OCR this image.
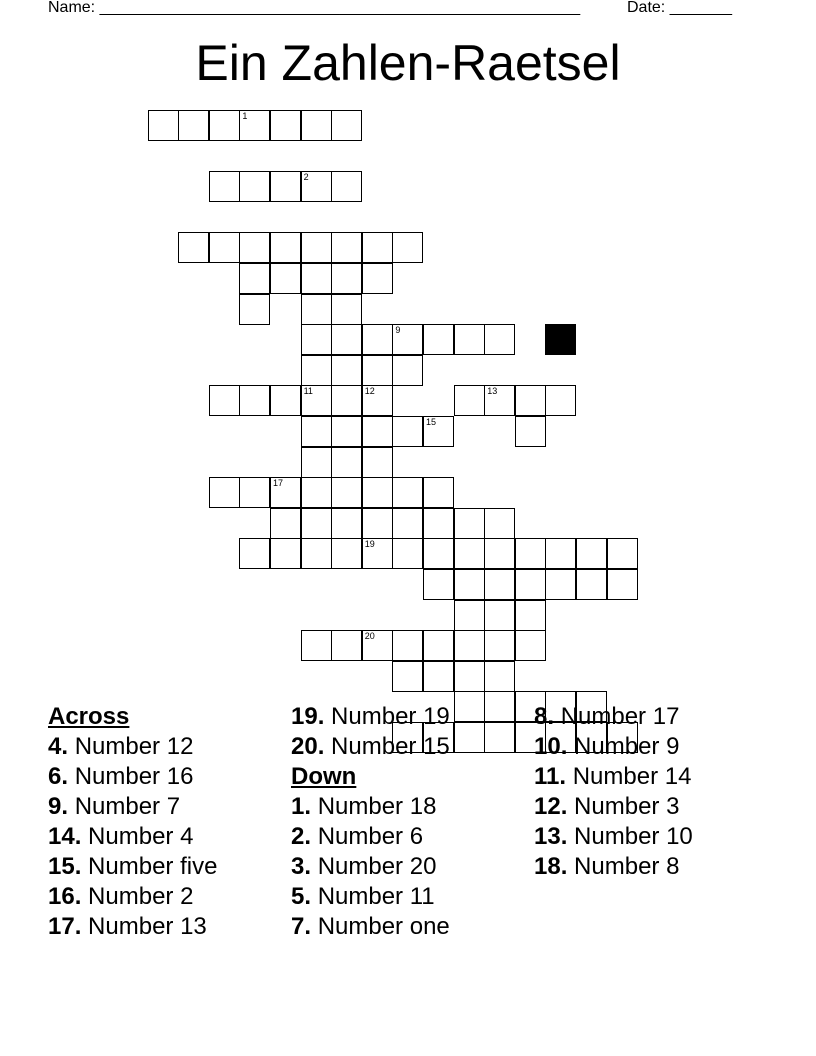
Name: ______________________________________________________	Date: _______
Ein Zahlen-Raetsel
1
2
9
11	12	13
15
17
19
20
Across
4. Number 12
6. Number 16
9. Number 7
14. Number 4
15. Number five
16. Number 2
17. Number 13
19. Number 19
20. Number 15
Down
1. Number 18
2. Number 6
3. Number 20
5. Number 11
7. Number one
8. Number 17
10. Number 9
11. Number 14
12. Number 3
13. Number 10
18. Number 8
